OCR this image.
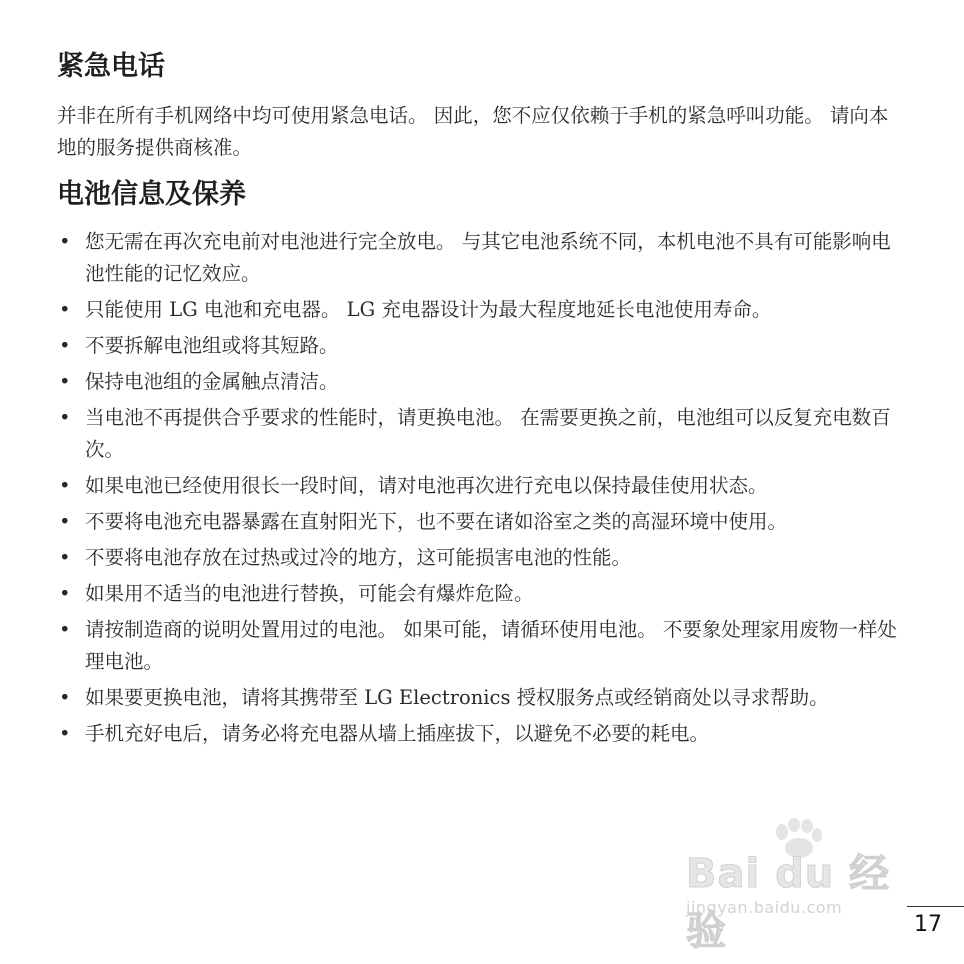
紧急电话

并非在所有手机网络中均可使用紧急电话。 因此，您不应仅依赖于手机的紧急呼叫功能。 请向本地的服务提供商核准。

电池信息及保养
• 您无需在再次充电前对电池进行完全放电。 与其它电池系统不同，本机电池不具有可能影响电池性能的记忆效应。
• 只能使用 LG 电池和充电器。 LG 充电器设计为最大程度地延长电池使用寿命。
• 不要拆解电池组或将其短路。
• 保持电池组的金属触点清洁。
• 当电池不再提供合乎要求的性能时，请更换电池。 在需要更换之前，电池组可以反复充电数百次。
• 如果电池已经使用很长一段时间，请对电池再次进行充电以保持最佳使用状态。
• 不要将电池充电器暴露在直射阳光下，也不要在诸如浴室之类的高湿环境中使用。
• 不要将电池存放在过热或过冷的地方，这可能损害电池的性能。
• 如果用不适当的电池进行替换，可能会有爆炸危险。
• 请按制造商的说明处置用过的电池。 如果可能，请循环使用电池。 不要象处理家用废物一样处理电池。
• 如果要更换电池，请将其携带至 LG Electronics 授权服务点或经销商处以寻求帮助。
• 手机充好电后，请务必将充电器从墙上插座拔下，以避免不必要的耗电。
Bai du 经验
jingyan.baidu.com
17
